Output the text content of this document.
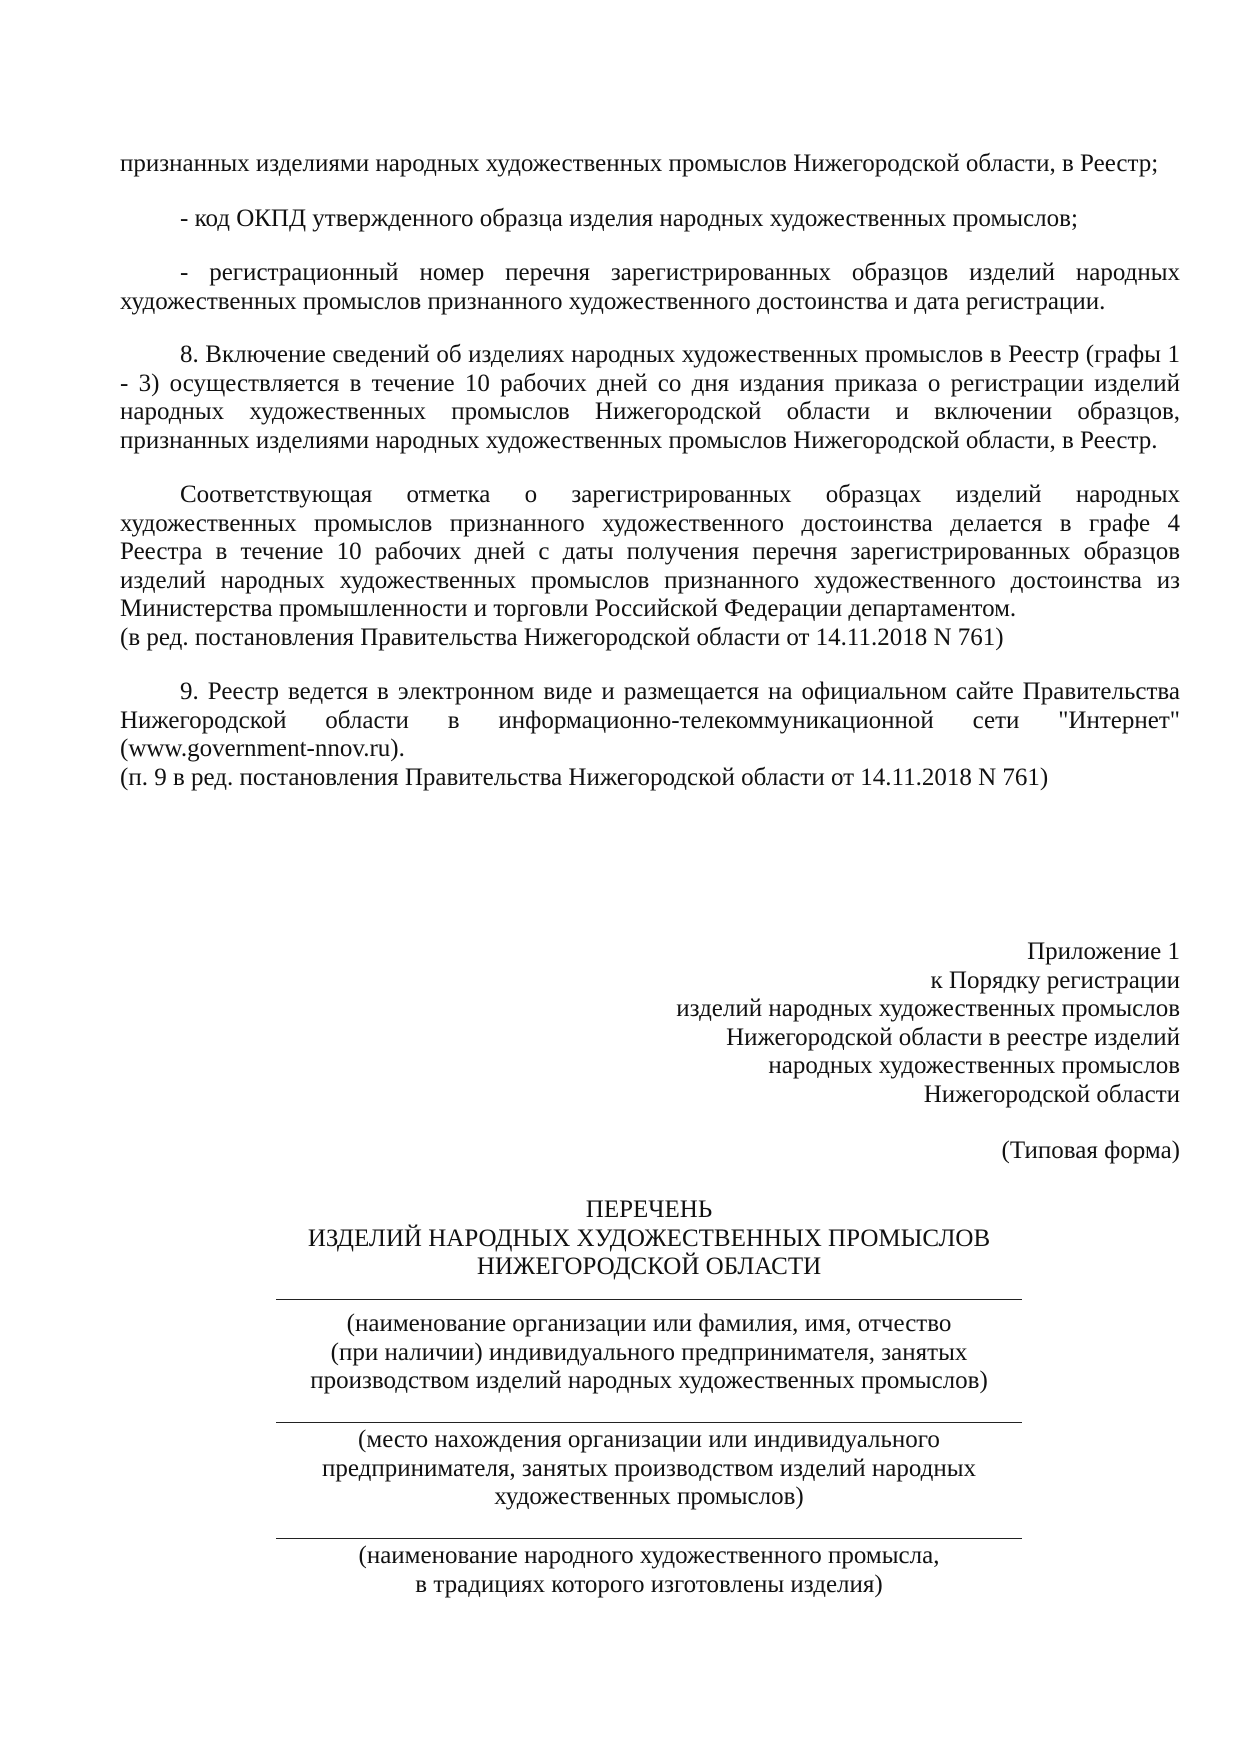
признанных изделиями народных художественных промыслов Нижегородской области, в Реестр;
- код ОКПД утвержденного образца изделия народных художественных промыслов;
- регистрационный номер перечня зарегистрированных образцов изделий народных
художественных промыслов признанного художественного достоинства и дата регистрации.
8. Включение сведений об изделиях народных художественных промыслов в Реестр (графы 1
- 3) осуществляется в течение 10 рабочих дней со дня издания приказа о регистрации изделий
народных художественных промыслов Нижегородской области и включении образцов,
признанных изделиями народных художественных промыслов Нижегородской области, в Реестр.
Соответствующая отметка о зарегистрированных образцах изделий народных
художественных промыслов признанного художественного достоинства делается в графе 4
Реестра в течение 10 рабочих дней с даты получения перечня зарегистрированных образцов
изделий народных художественных промыслов признанного художественного достоинства из
Министерства промышленности и торговли Российской Федерации департаментом.
(в ред. постановления Правительства Нижегородской области от 14.11.2018 N 761)
9. Реестр ведется в электронном виде и размещается на официальном сайте Правительства
Нижегородской области в информационно-телекоммуникационной сети "Интернет"
(www.government-nnov.ru).
(п. 9 в ред. постановления Правительства Нижегородской области от 14.11.2018 N 761)
Приложение 1
к Порядку регистрации
изделий народных художественных промыслов
Нижегородской области в реестре изделий
народных художественных промыслов
Нижегородской области
(Типовая форма)
ПЕРЕЧЕНЬ
ИЗДЕЛИЙ НАРОДНЫХ ХУДОЖЕСТВЕННЫХ ПРОМЫСЛОВ
НИЖЕГОРОДСКОЙ ОБЛАСТИ
(наименование организации или фамилия, имя, отчество
(при наличии) индивидуального предпринимателя, занятых
производством изделий народных художественных промыслов)
(место нахождения организации или индивидуального
предпринимателя, занятых производством изделий народных
художественных промыслов)
(наименование народного художественного промысла,
в традициях которого изготовлены изделия)
